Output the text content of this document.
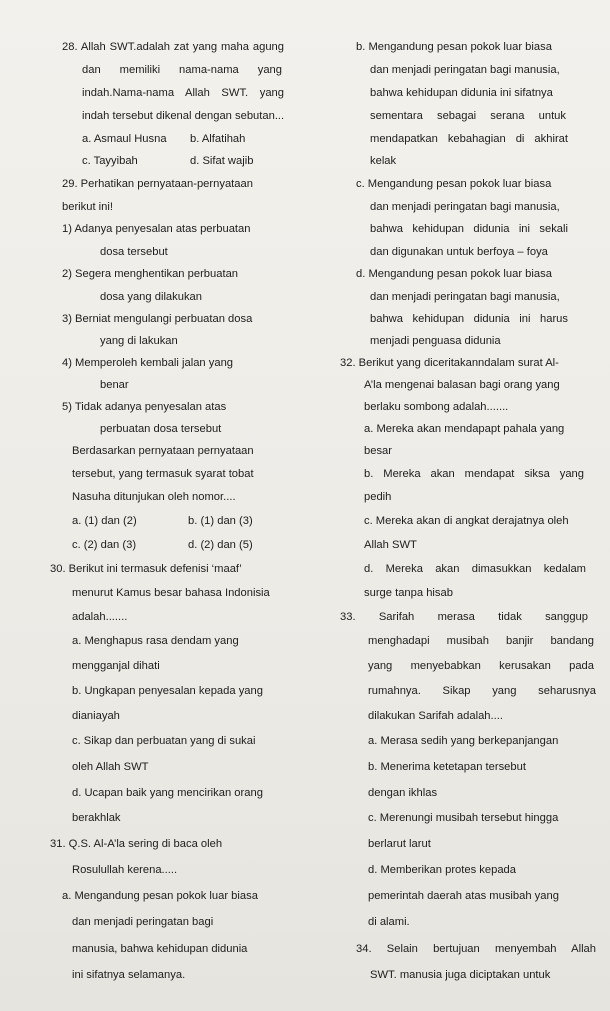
28. Allah SWT.adalah zat yang maha agung
dan memiliki nama-nama yang
indah.Nama-nama Allah SWT. yang
indah tersebut dikenal dengan sebutan...
a. Asmaul Husna b. Alfatihah
c. Tayyibah	d. Sifat wajib
29. Perhatikan pernyataan-pernyataan
berikut ini!
1) Adanya penyesalan atas perbuatan
dosa tersebut
2) Segera menghentikan perbuatan
dosa yang dilakukan
3) Berniat mengulangi perbuatan dosa
yang di lakukan
4) Memperoleh kembali jalan yang
benar
5) Tidak adanya penyesalan atas
perbuatan dosa tersebut
Berdasarkan pernyataan pernyataan
tersebut, yang termasuk syarat tobat
Nasuha ditunjukan oleh nomor....
a. (1) dan (2)	b. (1) dan (3)
c. (2) dan (3)	d. (2) dan (5)
30. Berikut ini termasuk defenisi ‘maaf’
menurut Kamus besar bahasa Indonisia
adalah.......
a. Menghapus rasa dendam yang
mengganjal dihati
b. Ungkapan penyesalan kepada yang
dianiayah
c. Sikap dan perbuatan yang di sukai
oleh Allah SWT
d. Ucapan baik yang mencirikan orang
berakhlak
31. Q.S. Al-A’la sering di baca oleh
Rosulullah kerena.....
a. Mengandung pesan pokok luar biasa
dan menjadi peringatan bagi
manusia, bahwa kehidupan didunia
ini sifatnya selamanya.
b. Mengandung pesan pokok luar biasa
dan menjadi peringatan bagi manusia,
bahwa kehidupan didunia ini sifatnya
sementara sebagai serana untuk
mendapatkan kebahagian di akhirat
kelak
c. Mengandung pesan pokok luar biasa
dan menjadi peringatan bagi manusia,
bahwa kehidupan didunia ini sekali
dan digunakan untuk berfoya – foya
d. Mengandung pesan pokok luar biasa
dan menjadi peringatan bagi manusia,
bahwa kehidupan didunia ini harus
menjadi penguasa didunia
32. Berikut yang diceritakanndalam surat Al-
A’la mengenai balasan bagi orang yang
berlaku sombong adalah.......
a. Mereka akan mendapapt pahala yang
besar
b. Mereka akan mendapat siksa yang
pedih
c. Mereka akan di angkat derajatnya oleh
Allah SWT
d. Mereka akan dimasukkan kedalam
surge tanpa hisab
33. Sarifah merasa tidak sanggup
menghadapi musibah banjir bandang
yang menyebabkan kerusakan pada
rumahnya. Sikap yang seharusnya
dilakukan Sarifah adalah....
a. Merasa sedih yang berkepanjangan
b. Menerima ketetapan tersebut
dengan ikhlas
c. Merenungi musibah tersebut hingga
berlarut larut
d. Memberikan protes kepada
pemerintah daerah atas musibah yang
di alami.
34. Selain bertujuan menyembah Allah
SWT. manusia juga diciptakan untuk
